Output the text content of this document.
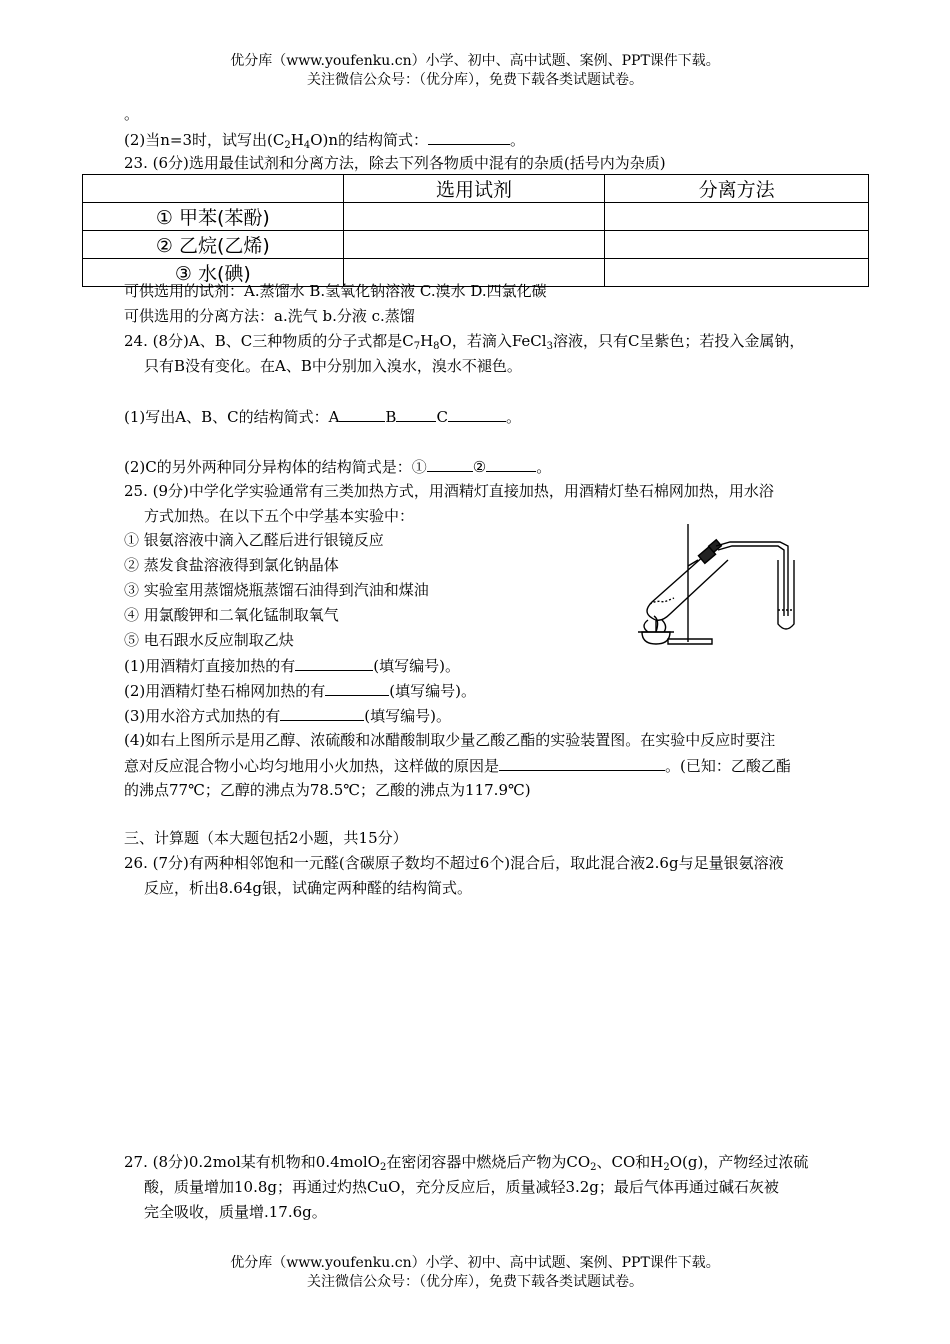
优分库（www.youfenku.cn）小学、初中、高中试题、案例、PPT课件下载。
关注微信公众号：（优分库），免费下载各类试题试卷。
。
(2)当n=3时，试写出$(C_2H_4O)n$的结构简式：	。
23. (6分)选用最佳试剂和分离方法，除去下列各物质中混有的杂质(括号内为杂质)
	选用试剂	分离方法
① 甲苯(苯酚)		
② 乙烷(乙烯)		
③ 水(碘)		
可供选用的试剂：A.蒸馏水 B.氢氧化钠溶液 C.溴水 D.四氯化碳
可供选用的分离方法：a.洗气 b.分液 c.蒸馏
24. (8分)A、B、C三种物质的分子式都是$C_7H_8O$，若滴入FeCl$_3$溶液，只有C呈紫色；若投入金属钠，
只有B没有变化。在A、B中分别加入溴水，溴水不褪色。
(1)写出A、B、C的结构简式：A	B	C	。
(2)C的另外两种同分异构体的结构简式是：①	②	。
25. (9分)中学化学实验通常有三类加热方式，用酒精灯直接加热，用酒精灯垫石棉网加热，用水浴
方式加热。在以下五个中学基本实验中：
① 银氨溶液中滴入乙醛后进行银镜反应
② 蒸发食盐溶液得到氯化钠晶体
③ 实验室用蒸馏烧瓶蒸馏石油得到汽油和煤油
④ 用氯酸钾和二氧化锰制取氧气
⑤ 电石跟水反应制取乙炔
(1)用酒精灯直接加热的有	(填写编号)。
(2)用酒精灯垫石棉网加热的有	(填写编号)。
(3)用水浴方式加热的有	(填写编号)。
(4)如右上图所示是用乙醇、浓硫酸和冰醋酸制取少量乙酸乙酯的实验装置图。在实验中反应时要注
意对反应混合物小心均匀地用小火加热，这样做的原因是	。(已知：乙酸乙酯
的沸点77℃；乙醇的沸点为78.5℃；乙酸的沸点为117.9℃)
三、计算题（本大题包括2小题，共15分）
26. (7分)有两种相邻饱和一元醛(含碳原子数均不超过6个)混合后，取此混合液2.6g与足量银氨溶液
反应，析出8.64g银，试确定两种醛的结构简式。
27. (8分)0.2mol某有机物和0.4molO$_2$在密闭容器中燃烧后产物为$CO_2$、CO和$H_2O(g)$，产物经过浓硫
酸，质量增加10.8g；再通过灼热CuO，充分反应后，质量减轻3.2g；最后气体再通过碱石灰被
完全吸收，质量增.17.6g。
优分库（www.youfenku.cn）小学、初中、高中试题、案例、PPT课件下载。
关注微信公众号：（优分库），免费下载各类试题试卷。
